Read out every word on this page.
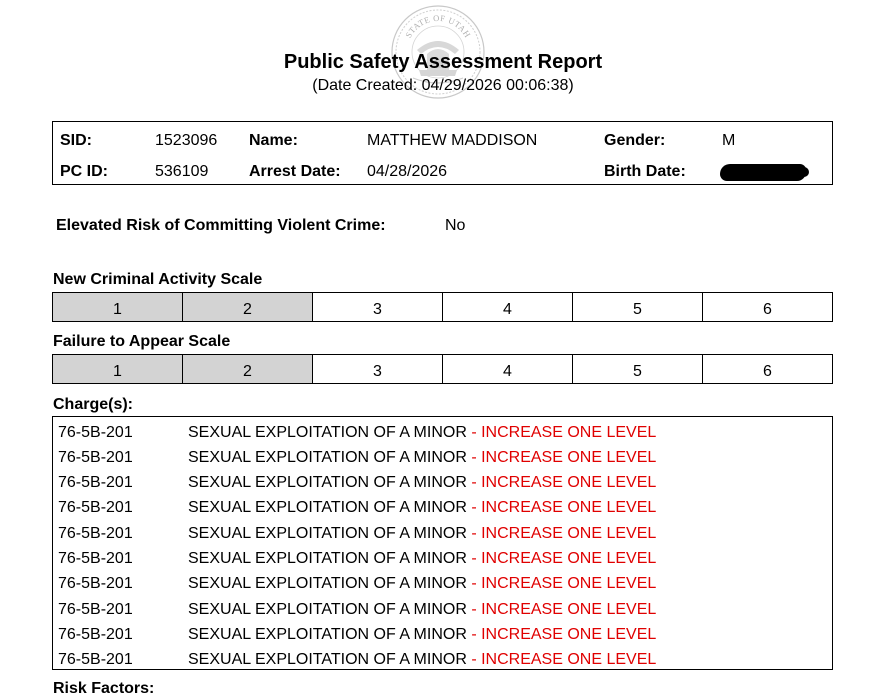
STATE OF UTAH
Public Safety Assessment Report
(Date Created: 04/29/2026 00:06:38)
SID:	1523096 Name:	MATTHEW MADDISON	Gender:	M
PC ID:	536109	Arrest Date: 04/28/2026	Birth Date:
Elevated Risk of Committing Violent Crime:	No
New Criminal Activity Scale
1	2	3	4	5	6
Failure to Appear Scale
1	2	3	4	5	6
Charge(s):
76-5B-201	SEXUAL EXPLOITATION OF A MINOR - INCREASE ONE LEVEL
76-5B-201	SEXUAL EXPLOITATION OF A MINOR - INCREASE ONE LEVEL
76-5B-201	SEXUAL EXPLOITATION OF A MINOR - INCREASE ONE LEVEL
76-5B-201	SEXUAL EXPLOITATION OF A MINOR - INCREASE ONE LEVEL
76-5B-201	SEXUAL EXPLOITATION OF A MINOR - INCREASE ONE LEVEL
76-5B-201	SEXUAL EXPLOITATION OF A MINOR - INCREASE ONE LEVEL
76-5B-201	SEXUAL EXPLOITATION OF A MINOR - INCREASE ONE LEVEL
76-5B-201	SEXUAL EXPLOITATION OF A MINOR - INCREASE ONE LEVEL
76-5B-201	SEXUAL EXPLOITATION OF A MINOR - INCREASE ONE LEVEL
76-5B-201	SEXUAL EXPLOITATION OF A MINOR - INCREASE ONE LEVEL
Risk Factors:
